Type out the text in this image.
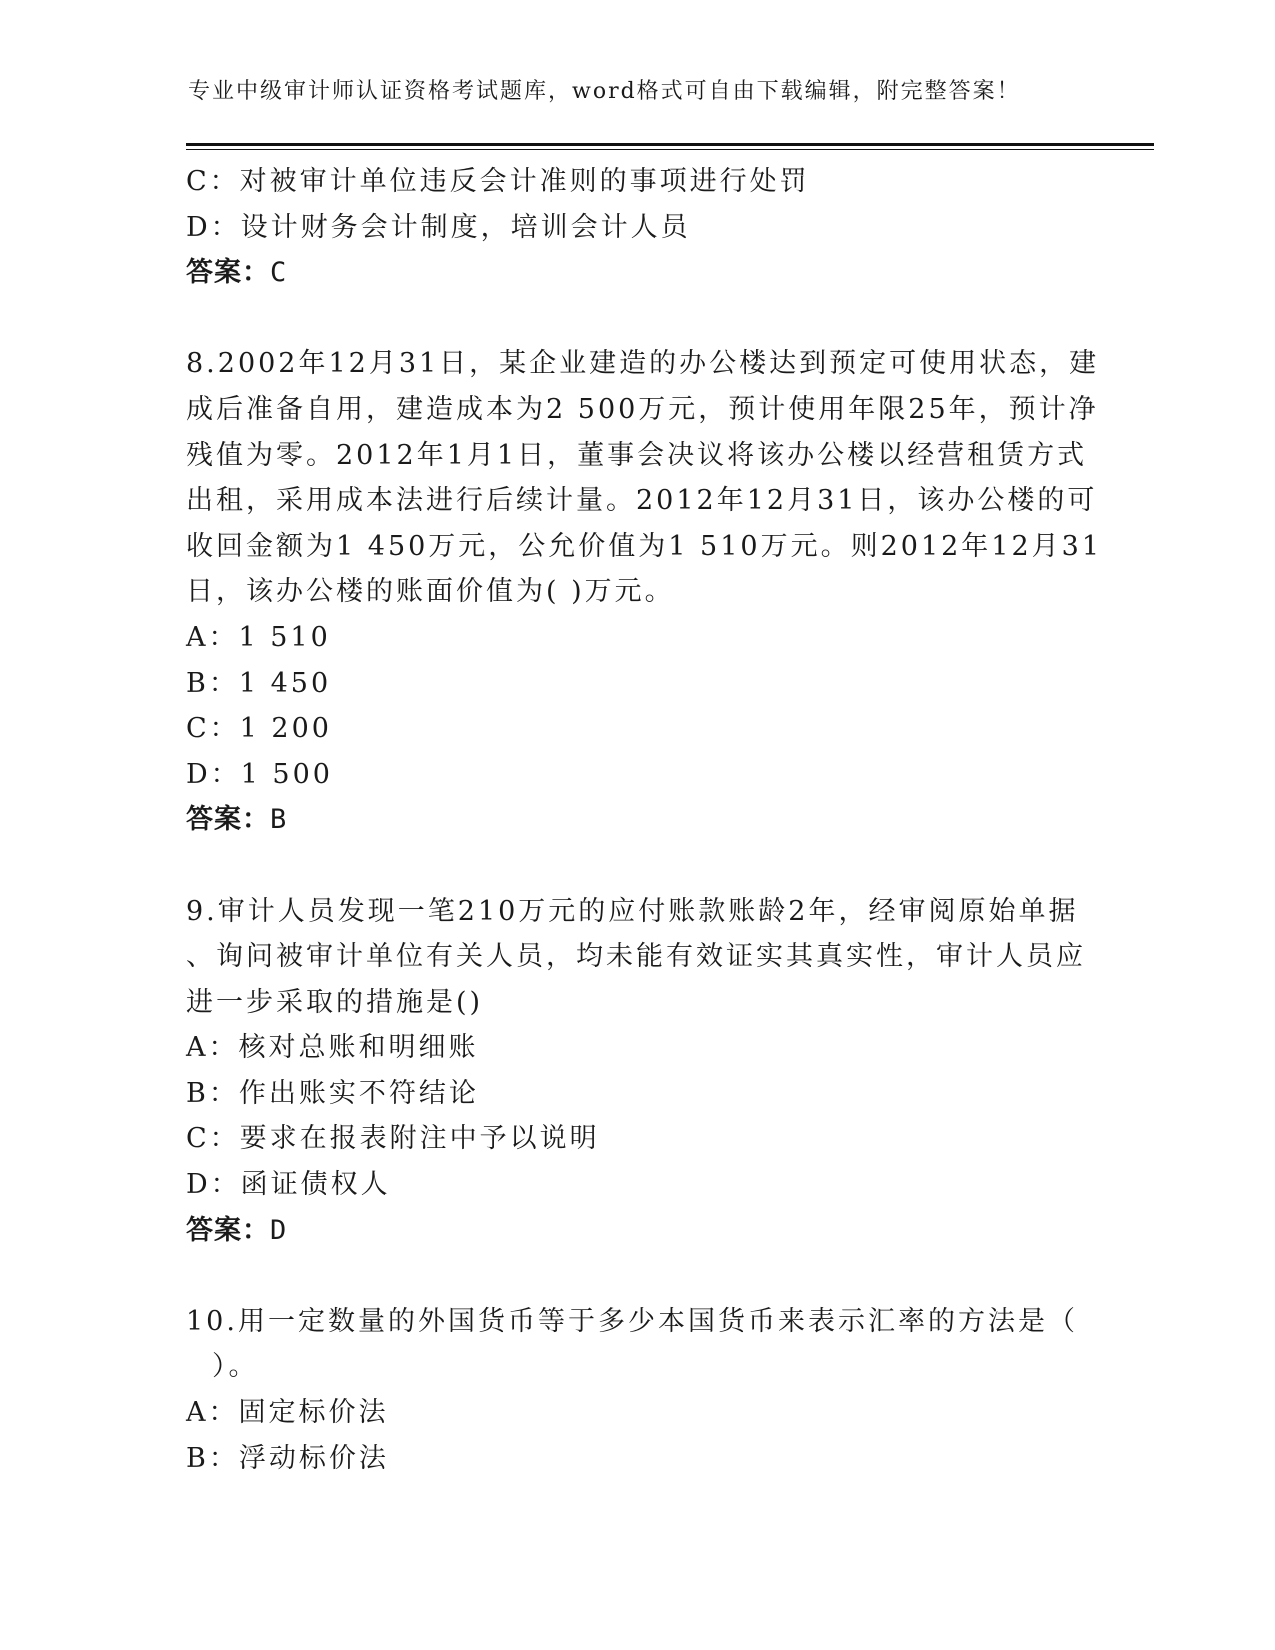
专业中级审计师认证资格考试题库，word格式可自由下载编辑，附完整答案！
C：对被审计单位违反会计准则的事项进行处罚
D：设计财务会计制度，培训会计人员
答案：C
8.2002年12月31日，某企业建造的办公楼达到预定可使用状态，建
成后准备自用，建造成本为2 500万元，预计使用年限25年，预计净
残值为零。2012年1月1日，董事会决议将该办公楼以经营租赁方式
出租，采用成本法进行后续计量。2012年12月31日，该办公楼的可
收回金额为1 450万元，公允价值为1 510万元。则2012年12月31
日，该办公楼的账面价值为( )万元。
A：1 510
B：1 450
C：1 200
D：1 500
答案：B
9.审计人员发现一笔210万元的应付账款账龄2年，经审阅原始单据
、询问被审计单位有关人员，均未能有效证实其真实性，审计人员应
进一步采取的措施是()
A：核对总账和明细账
B：作出账实不符结论
C：要求在报表附注中予以说明
D：函证债权人
答案：D
10.用一定数量的外国货币等于多少本国货币来表示汇率的方法是（
）。
A：固定标价法
B：浮动标价法
